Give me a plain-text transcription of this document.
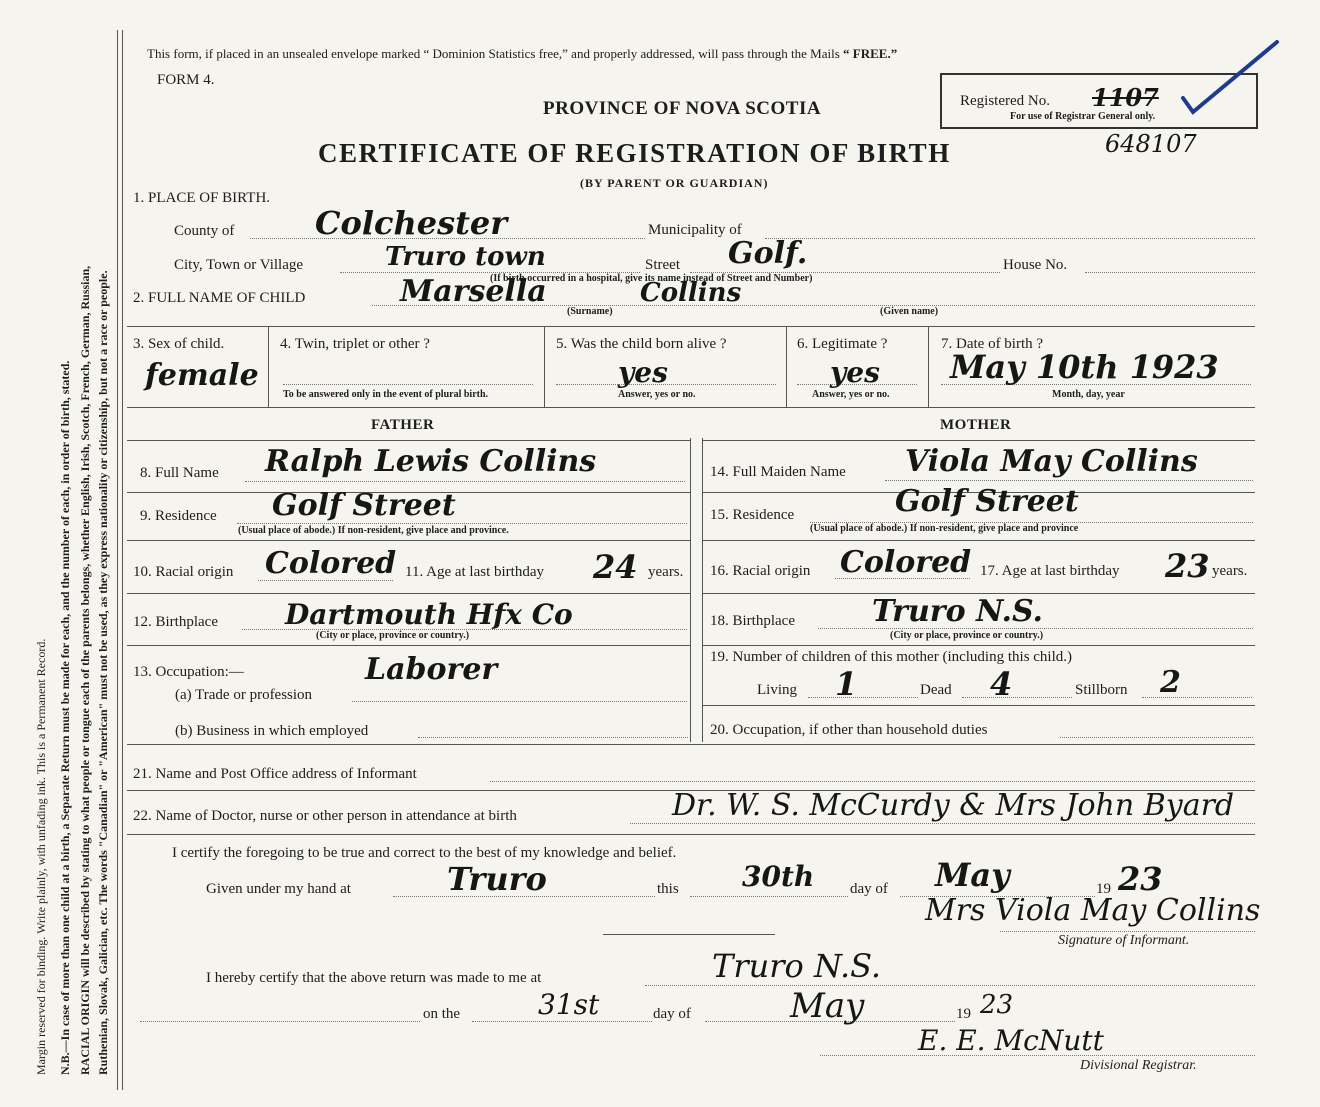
Margin reserved for binding. Write plainly, with unfading ink. This is a Permanent Record. N.B.—In case of more than one child at a birth, a Separate Return must be made for each, and the number of each, in order of birth, stated. RACIAL ORIGIN will be described by stating to what people or tongue each of the parents belongs, whether English, Irish, Scotch, French, German, Russian, Ruthenian, Slovak, Galician, etc. The words "Canadian" or "American" must not be used, as they express nationality or citizenship, but not a race or people.
This form, if placed in an unsealed envelope marked “ Dominion Statistics free,” and properly addressed, will pass through the Mails “ FREE.”
FORM 4.
PROVINCE OF NOVA SCOTIA
CERTIFICATE OF REGISTRATION OF BIRTH
(BY PARENT OR GUARDIAN)
Registered No. 1107
For use of Registrar General only.
648107
1. PLACE OF BIRTH.
County of	Colchester	Municipality of
City, Town or Village	Truro town	Street Golf.	House No.
(If birth occurred in a hospital, give its name instead of Street and Number)
2. FULL NAME OF CHILD	Marsella	Collins
(Surname)	(Given name)
3. Sex of child.
female
4. Twin, triplet or other ?
To be answered only in the event of plural birth.
5. Was the child born alive ?
yes
Answer, yes or no.
6. Legitimate ?
yes
Answer, yes or no.
7. Date of birth ?
May 10th 1923
Month, day, year
FATHER	MOTHER
8. Full Name Ralph Lewis Collins
9. Residence Golf Street
(Usual place of abode.) If non-resident, give place and province.
10. Racial origin Colored 11. Age at last birthday 24 years.
12. Birthplace Dartmouth Hfx Co
(City or place, province or country.)
13. Occupation:—
(a) Trade or profession
Laborer
(b) Business in which employed
14. Full Maiden Name Viola May Collins
15. Residence	Golf Street
(Usual place of abode.) If non-resident, give place and province
16. Racial origin Colored 17. Age at last birthday 23 years.
18. Birthplace	Truro N.S.
(City or place, province or country.)
19. Number of children of this mother (including this child.)
Living 1	Dead 4	Stillborn 2
20. Occupation, if other than household duties
21. Name and Post Office address of Informant
22. Name of Doctor, nurse or other person in attendance at birth	Dr. W. S. McCurdy & Mrs John Byard
I certify the foregoing to be true and correct to the best of my knowledge and belief.
Given under my hand at	Truro	this 30th day of May	19 23
Mrs Viola May Collins
Signature of Informant.
I hereby certify that the above return was made to me at	Truro N.S.
on the	31st	day of	May	19 23
E. E. McNutt
Divisional Registrar.
